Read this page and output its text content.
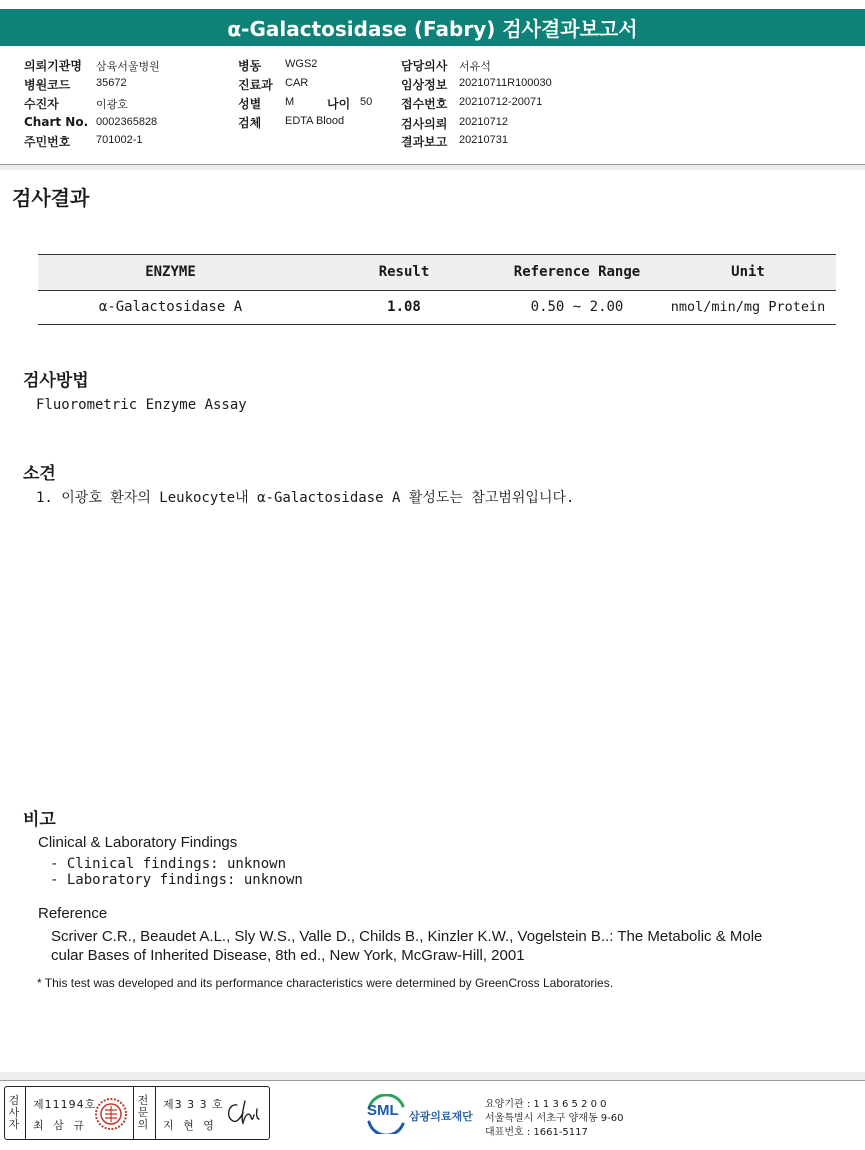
α-Galactosidase (Fabry) 검사결과보고서
의뢰기관명 삼육서울병원
병원코드 35672
수진자	이광호
Chart No. 0002365828
주민번호 701002-1
병동 WGS2
진료과 CAR
성별 M	나이 50
검체 EDTA Blood
담당의사 서유석
임상정보 20210711R100030
접수번호 20210712-20071
검사의뢰 20210712
결과보고 20210731
검사결과
ENZYME	Result	Reference Range	Unit
α-Galactosidase A	1.08	0.50 ~ 2.00	nmol/min/mg Protein
검사방법
Fluorometric Enzyme Assay
소견
1. 이광호 환자의 Leukocyte내 α-Galactosidase A 활성도는 참고범위입니다.
비고
Clinical & Laboratory Findings
- Clinical findings: unknown
- Laboratory findings: unknown
Reference
Scriver C.R., Beaudet A.L., Sly W.S., Valle D., Childs B., Kinzler K.W., Vogelstein B..: The Metabolic & Mole
cular Bases of Inherited Disease, 8th ed., New York, McGraw-Hill, 2001
* This test was developed and its performance characteristics were determined by GreenCross Laboratories.
검
사
자
제11194호
최 삼 규
전
문
의
제3 3 3 호
지 현 영
SML 삼광의료재단
요양기관 : 1 1 3 6 5 2 0 0
서울특별시 서초구 양재동 9-60
대표번호 : 1661-5117
